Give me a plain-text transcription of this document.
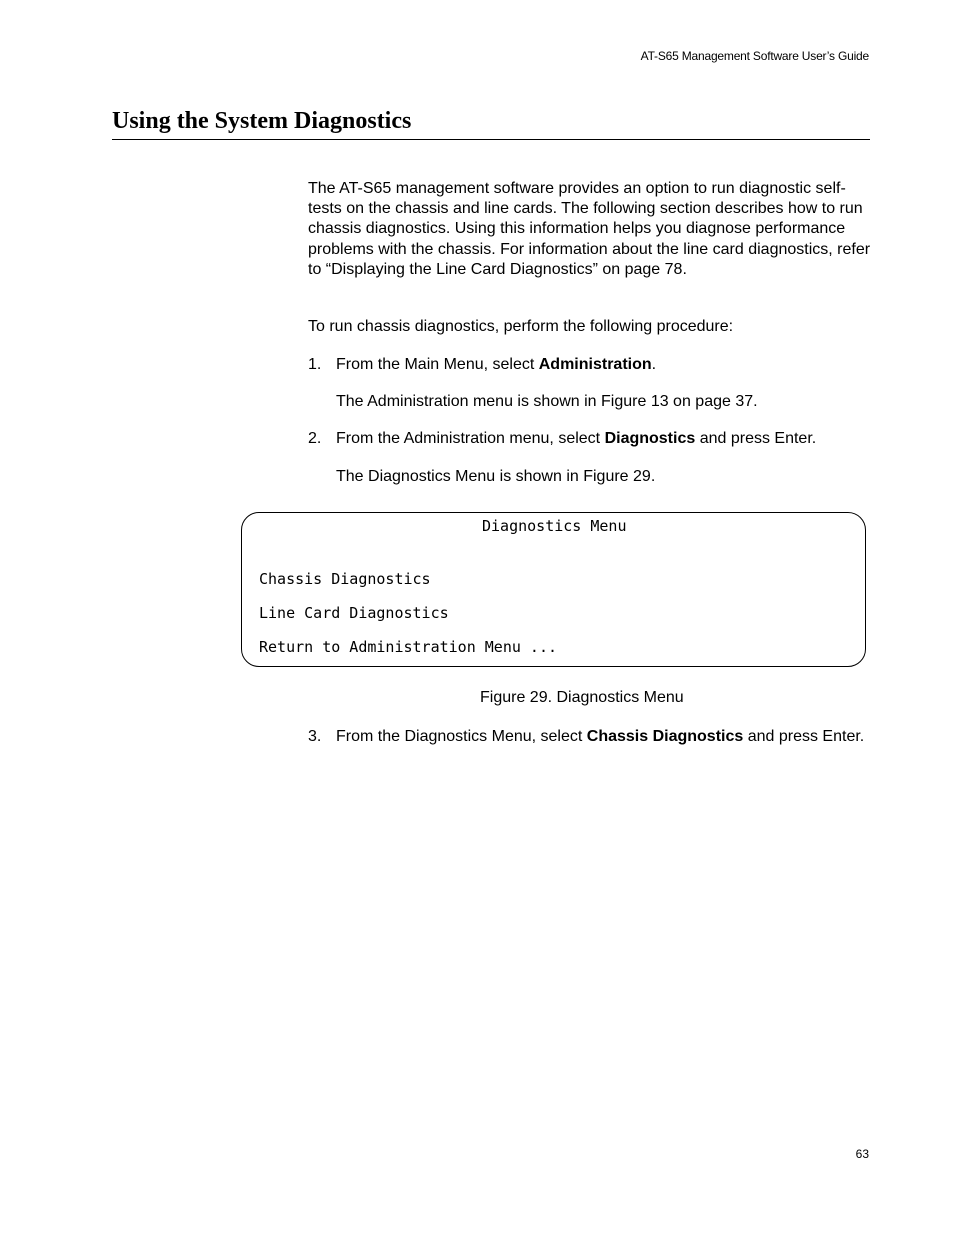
AT-S65 Management Software User’s Guide
Using the System Diagnostics
The AT-S65 management software provides an option to run diagnostic self-tests on the chassis and line cards. The following section describes how to run chassis diagnostics. Using this information helps you diagnose performance problems with the chassis. For information about the line card diagnostics, refer to “Displaying the Line Card Diagnostics” on page 78.
To run chassis diagnostics, perform the following procedure:
1. From the Main Menu, select Administration.
The Administration menu is shown in Figure 13 on page 37.
2. From the Administration menu, select Diagnostics and press Enter.
The Diagnostics Menu is shown in Figure 29.
Diagnostics Menu
Chassis Diagnostics
Line Card Diagnostics
Return to Administration Menu ...
Figure 29. Diagnostics Menu
3. From the Diagnostics Menu, select Chassis Diagnostics and press Enter.
63
